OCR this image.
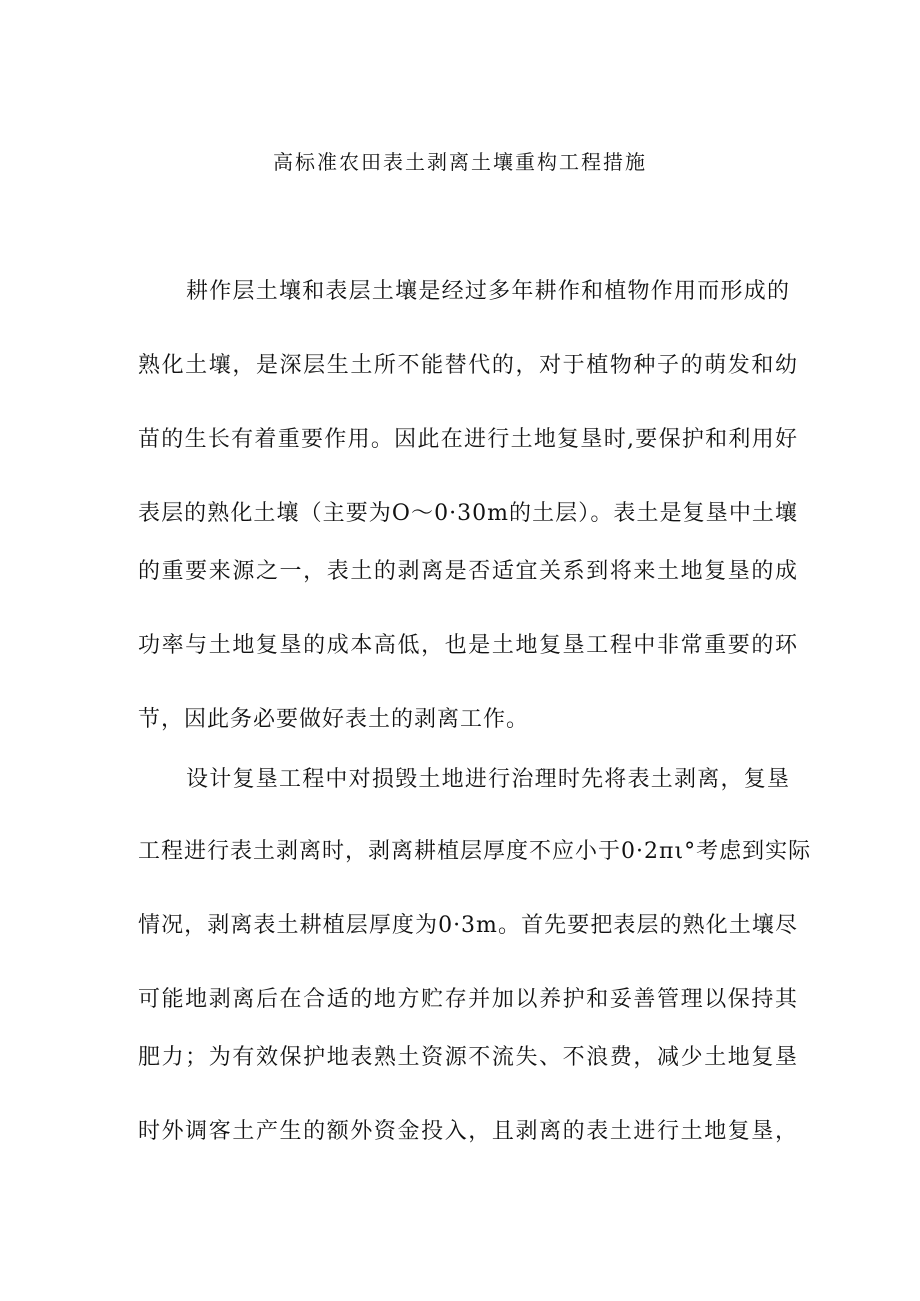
高标准农田表土剥离土壤重构工程措施
耕作层土壤和表层土壤是经过多年耕作和植物作用而形成的
熟化土壤，是深层生土所不能替代的，对于植物种子的萌发和幼
苗的生长有着重要作用。因此在进行土地复垦时,要保护和利用好
表层的熟化土壤（主要为O～0·30m的土层）。表土是复垦中土壤
的重要来源之一，表土的剥离是否适宜关系到将来土地复垦的成
功率与土地复垦的成本高低，也是土地复垦工程中非常重要的环
节，因此务必要做好表土的剥离工作。
设计复垦工程中对损毁土地进行治理时先将表土剥离，复垦
工程进行表土剥离时，剥离耕植层厚度不应小于0·2πι°考虑到实际
情况，剥离表土耕植层厚度为0·3m。首先要把表层的熟化土壤尽
可能地剥离后在合适的地方贮存并加以养护和妥善管理以保持其
肥力；为有效保护地表熟土资源不流失、不浪费，减少土地复垦
时外调客土产生的额外资金投入，且剥离的表土进行土地复垦，
